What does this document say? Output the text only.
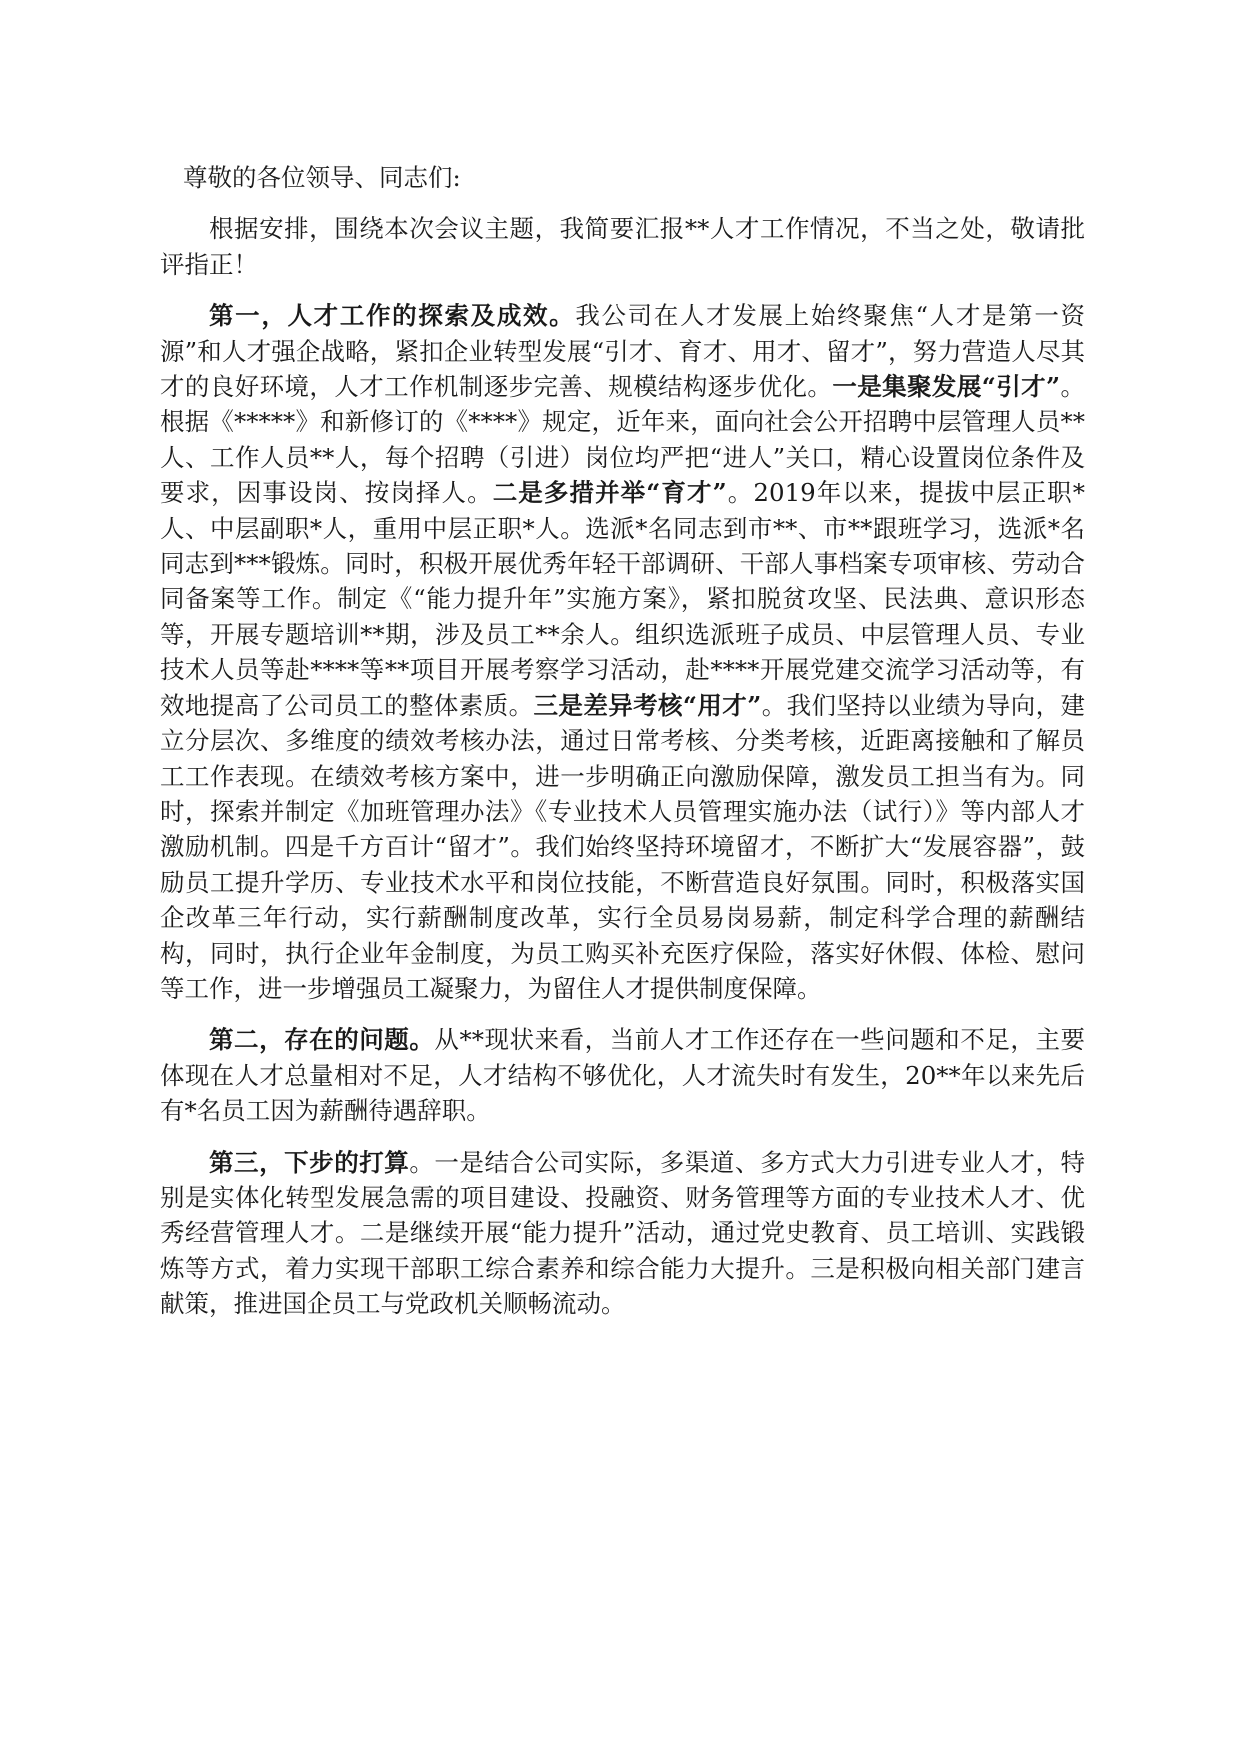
尊敬的各位领导、同志们:

根据安排，围绕本次会议主题，我简要汇报**人才工作情况，不当之处，敬请批评指正！

第一，人才工作的探索及成效。我公司在人才发展上始终聚焦“人才是第一资源”和人才强企战略，紧扣企业转型发展“引才、育才、用才、留才”，努力营造人尽其才的良好环境，人才工作机制逐步完善、规模结构逐步优化。一是集聚发展“引才”。根据《*****》和新修订的《****》规定，近年来，面向社会公开招聘中层管理人员**人、工作人员**人，每个招聘（引进）岗位均严把“进人”关口，精心设置岗位条件及要求，因事设岗、按岗择人。二是多措并举“育才”。2019年以来，提拔中层正职*人、中层副职*人，重用中层正职*人。选派*名同志到市**、市**跟班学习，选派*名同志到***锻炼。同时，积极开展优秀年轻干部调研、干部人事档案专项审核、劳动合同备案等工作。制定《“能力提升年”实施方案》，紧扣脱贫攻坚、民法典、意识形态等，开展专题培训**期，涉及员工**余人。组织选派班子成员、中层管理人员、专业技术人员等赴****等**项目开展考察学习活动，赴****开展党建交流学习活动等，有效地提高了公司员工的整体素质。三是差异考核“用才”。我们坚持以业绩为导向，建立分层次、多维度的绩效考核办法，通过日常考核、分类考核，近距离接触和了解员工工作表现。在绩效考核方案中，进一步明确正向激励保障，激发员工担当有为。同时，探索并制定《加班管理办法》《专业技术人员管理实施办法（试行）》等内部人才激励机制。四是千方百计“留才”。我们始终坚持环境留才，不断扩大“发展容器”，鼓励员工提升学历、专业技术水平和岗位技能，不断营造良好氛围。同时，积极落实国企改革三年行动，实行薪酬制度改革，实行全员易岗易薪，制定科学合理的薪酬结构，同时，执行企业年金制度，为员工购买补充医疗保险，落实好休假、体检、慰问等工作，进一步增强员工凝聚力，为留住人才提供制度保障。

第二，存在的问题。从**现状来看，当前人才工作还存在一些问题和不足，主要体现在人才总量相对不足，人才结构不够优化，人才流失时有发生，20**年以来先后有*名员工因为薪酬待遇辞职。

第三，下步的打算。一是结合公司实际，多渠道、多方式大力引进专业人才，特别是实体化转型发展急需的项目建设、投融资、财务管理等方面的专业技术人才、优秀经营管理人才。二是继续开展“能力提升”活动，通过党史教育、员工培训、实践锻炼等方式，着力实现干部职工综合素养和综合能力大提升。三是积极向相关部门建言献策，推进国企员工与党政机关顺畅流动。
